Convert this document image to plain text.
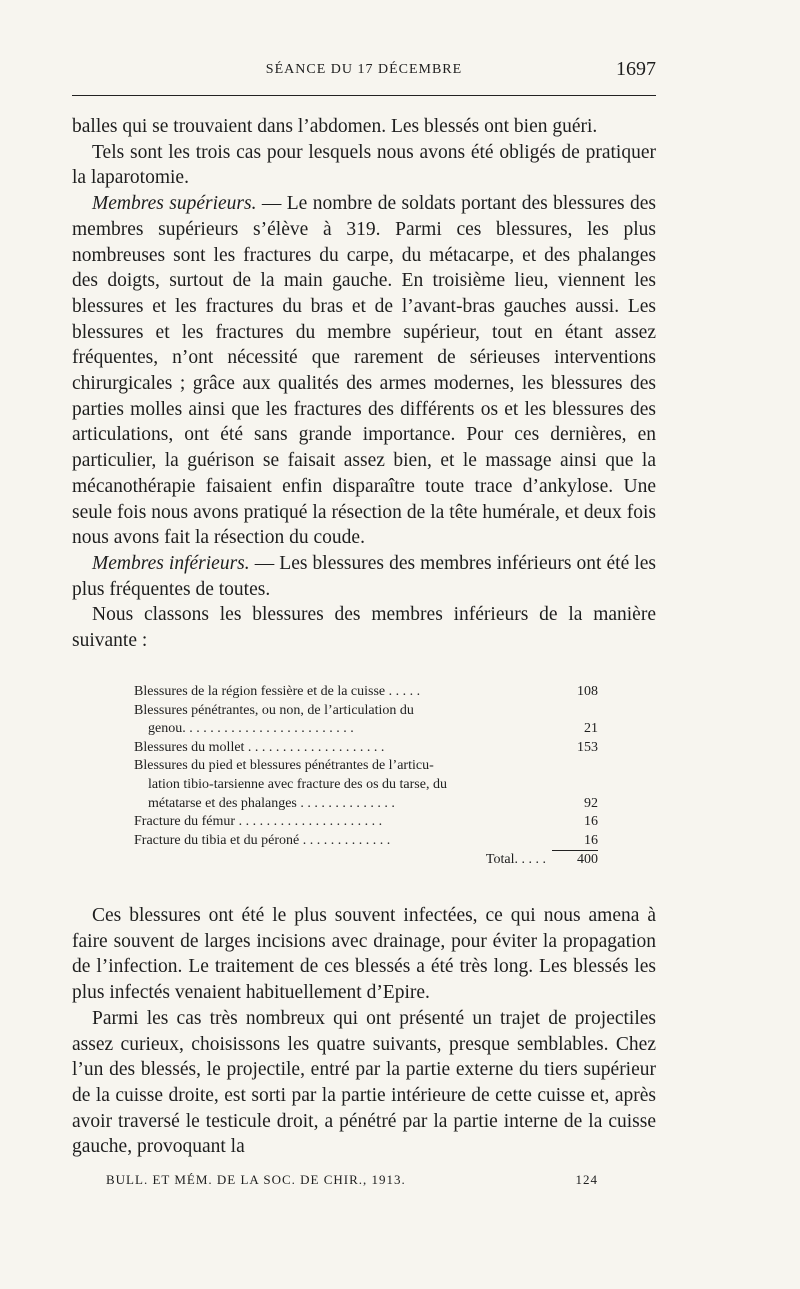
SÉANCE DU 17 DÉCEMBRE	1697

balles qui se trouvaient dans l’abdomen. Les blessés ont bien guéri.

Tels sont les trois cas pour lesquels nous avons été obligés de pratiquer la laparotomie.

Membres supérieurs. — Le nombre de soldats portant des blessures des membres supérieurs s’élève à 319. Parmi ces blessures, les plus nombreuses sont les fractures du carpe, du métacarpe, et des phalanges des doigts, surtout de la main gauche. En troisième lieu, viennent les blessures et les fractures du bras et de l’avant-bras gauches aussi. Les blessures et les fractures du membre supérieur, tout en étant assez fréquentes, n’ont nécessité que rarement de sérieuses interventions chirurgicales ; grâce aux qualités des armes modernes, les blessures des parties molles ainsi que les fractures des différents os et les blessures des articulations, ont été sans grande importance. Pour ces dernières, en particulier, la guérison se faisait assez bien, et le massage ainsi que la mécanothérapie faisaient enfin disparaître toute trace d’ankylose. Une seule fois nous avons pratiqué la résection de la tête humérale, et deux fois nous avons fait la résection du coude.

Membres inférieurs. — Les blessures des membres inférieurs ont été les plus fréquentes de toutes.

Nous classons les blessures des membres inférieurs de la manière suivante :

Blessures de la région fessière et de la cuisse . . . . .	108
Blessures pénétrantes, ou non, de l’articulation du
genou. . . . . . . . . . . . . . . . . . . . . . . . .	21
Blessures du mollet . . . . . . . . . . . . . . . . . . . .	153
Blessures du pied et blessures pénétrantes de l’articu-
lation tibio-tarsienne avec fracture des os du tarse, du
métatarse et des phalanges . . . . . . . . . . . . . .	92
Fracture du fémur . . . . . . . . . . . . . . . . . . . . .	16
Fracture du tibia et du péroné . . . . . . . . . . . . .	16
Total. . . . .	400

Ces blessures ont été le plus souvent infectées, ce qui nous amena à faire souvent de larges incisions avec drainage, pour éviter la propagation de l’infection. Le traitement de ces blessés a été très long. Les blessés les plus infectés venaient habituellement d’Epire.

Parmi les cas très nombreux qui ont présenté un trajet de projectiles assez curieux, choisissons les quatre suivants, presque semblables. Chez l’un des blessés, le projectile, entré par la partie externe du tiers supérieur de la cuisse droite, est sorti par la partie intérieure de cette cuisse et, après avoir traversé le testicule droit, a pénétré par la partie interne de la cuisse gauche, provoquant la

BULL. ET MÉM. DE LA SOC. DE CHIR., 1913.	124
